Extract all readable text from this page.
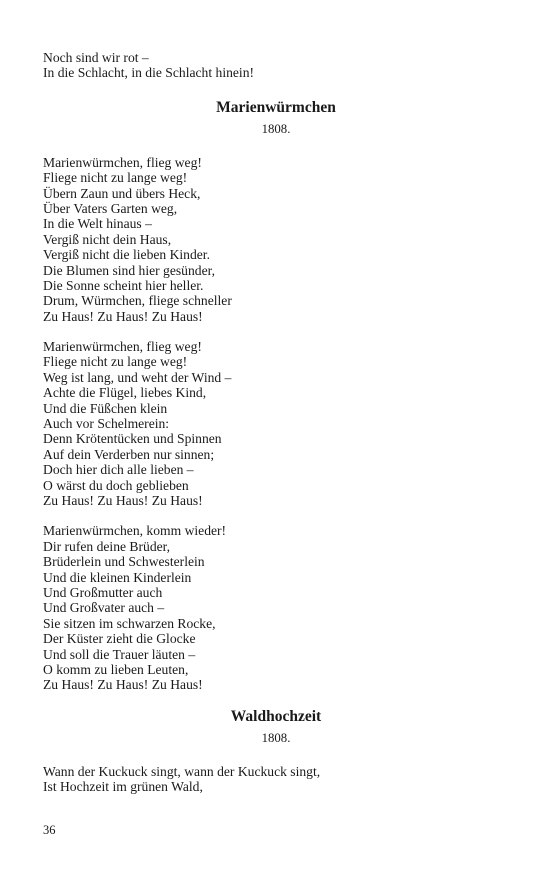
Noch sind wir rot –
In die Schlacht, in die Schlacht hinein!
Marienwürmchen
1808.
Marienwürmchen, flieg weg!
Fliege nicht zu lange weg!
Übern Zaun und übers Heck,
Über Vaters Garten weg,
In die Welt hinaus –
Vergiß nicht dein Haus,
Vergiß nicht die lieben Kinder.
Die Blumen sind hier gesünder,
Die Sonne scheint hier heller.
Drum, Würmchen, fliege schneller
Zu Haus! Zu Haus! Zu Haus!
Marienwürmchen, flieg weg!
Fliege nicht zu lange weg!
Weg ist lang, und weht der Wind –
Achte die Flügel, liebes Kind,
Und die Füßchen klein
Auch vor Schelmerein:
Denn Krötentücken und Spinnen
Auf dein Verderben nur sinnen;
Doch hier dich alle lieben –
O wärst du doch geblieben
Zu Haus! Zu Haus! Zu Haus!
Marienwürmchen, komm wieder!
Dir rufen deine Brüder,
Brüderlein und Schwesterlein
Und die kleinen Kinderlein
Und Großmutter auch
Und Großvater auch –
Sie sitzen im schwarzen Rocke,
Der Küster zieht die Glocke
Und soll die Trauer läuten –
O komm zu lieben Leuten,
Zu Haus! Zu Haus! Zu Haus!
Waldhochzeit
1808.
Wann der Kuckuck singt, wann der Kuckuck singt,
Ist Hochzeit im grünen Wald,
36
